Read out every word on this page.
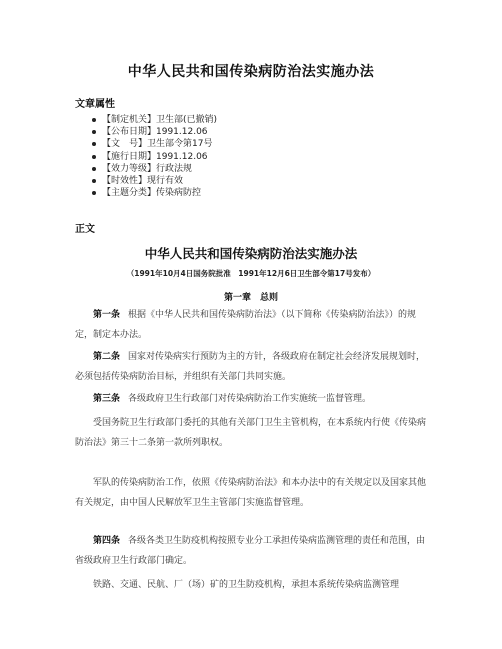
中华人民共和国传染病防治法实施办法
文章属性
【制定机关】卫生部(已撤销)
【公布日期】1991.12.06
【文　号】卫生部令第17号
【施行日期】1991.12.06
【效力等级】行政法规
【时效性】现行有效
【主题分类】传染病防控
正文
中华人民共和国传染病防治法实施办法
（1991年10月4日国务院批准　1991年12月6日卫生部令第17号发布）
第一章　总则

第一条 根据《中华人民共和国传染病防治法》（以下简称《传染病防治法》）的规定，制定本办法。

第二条 国家对传染病实行预防为主的方针，各级政府在制定社会经济发展规划时，必须包括传染病防治目标，并组织有关部门共同实施。

第三条 各级政府卫生行政部门对传染病防治工作实施统一监督管理。

受国务院卫生行政部门委托的其他有关部门卫生主管机构，在本系统内行使《传染病防治法》第三十二条第一款所列职权。

军队的传染病防治工作，依照《传染病防治法》和本办法中的有关规定以及国家其他有关规定，由中国人民解放军卫生主管部门实施监督管理。

第四条 各级各类卫生防疫机构按照专业分工承担传染病监测管理的责任和范围，由省级政府卫生行政部门确定。

铁路、交通、民航、厂（场）矿的卫生防疫机构，承担本系统传染病监测管理
